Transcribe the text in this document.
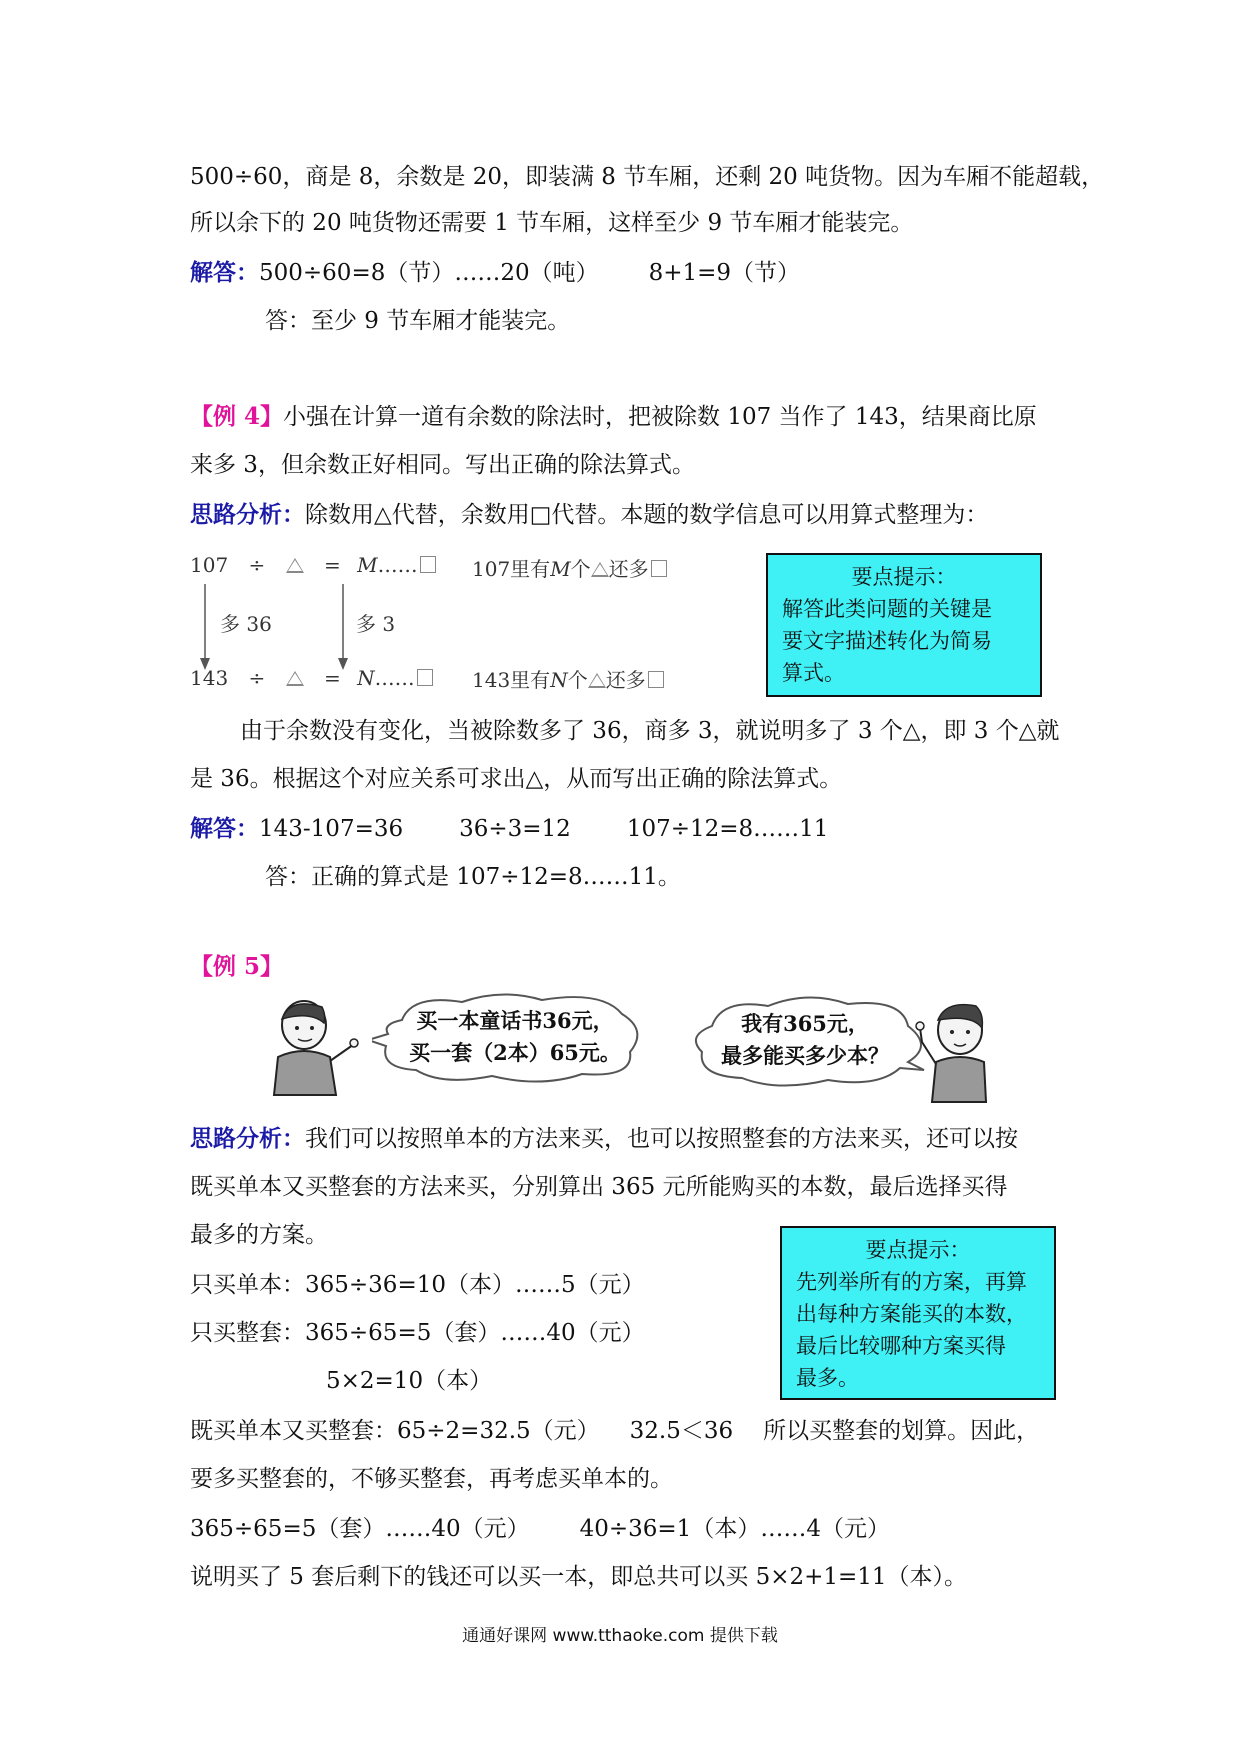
500÷60，商是 8，余数是 20，即装满 8 节车厢，还剩 20 吨货物。因为车厢不能超载，
所以余下的 20 吨货物还需要 1 节车厢，这样至少 9 节车厢才能装完。
解答：500÷60=8（节）……20（吨） 8+1=9（节）
答：至少 9 节车厢才能装完。
【例 4】小强在计算一道有余数的除法时，把被除数 107 当作了 143，结果商比原
来多 3，但余数正好相同。写出正确的除法算式。
思路分析：除数用△代替，余数用□代替。本题的数学信息可以用算式整理为：
107 ÷	= M……	107里有M个 还多
多 36	多 3
143 ÷	= N……	143里有N个 还多
要点提示：
解答此类问题的关键是
要文字描述转化为简易
算式。
由于余数没有变化，当被除数多了 36，商多 3，就说明多了 3 个△，即 3 个△就
是 36。根据这个对应关系可求出△，从而写出正确的除法算式。
解答：143-107=36 36÷3=12 107÷12=8……11
答：正确的算式是 107÷12=8……11。
【例 5】
买一本童话书36元，
买一套（2本）65元。
我有365元，
最多能买多少本？
思路分析：我们可以按照单本的方法来买，也可以按照整套的方法来买，还可以按
既买单本又买整套的方法来买，分别算出 365 元所能购买的本数，最后选择买得
最多的方案。
要点提示：
先列举所有的方案，再算
出每种方案能买的本数，
最后比较哪种方案买得
最多。
只买单本：365÷36=10（本）……5（元）
只买整套：365÷65=5（套）……40（元）
5×2=10（本）
既买单本又买整套：65÷2=32.5（元） 32.5＜36 所以买整套的划算。因此，
要多买整套的，不够买整套，再考虑买单本的。
365÷65=5（套）……40（元） 40÷36=1（本）……4（元）
说明买了 5 套后剩下的钱还可以买一本，即总共可以买 5×2+1=11（本）。
通通好课网 www.tthaoke.com 提供下载
